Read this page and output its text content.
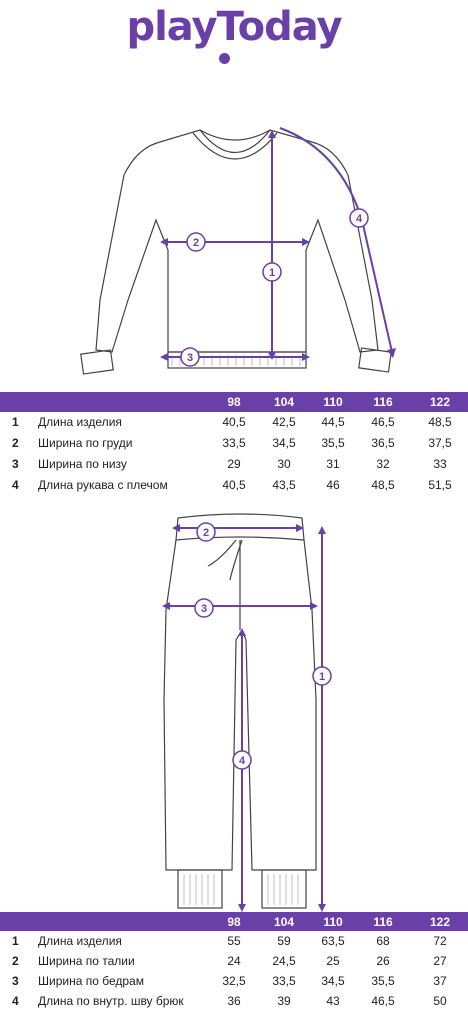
playToday
1
2
3
4
98	104	110	116	122
1	Длина изделия	40,5	42,5	44,5	46,5	48,5
2	Ширина по груди	33,5	34,5	35,5	36,5	37,5
3	Ширина по низу	29	30	31	32	33
4	Длина рукава с плечом	40,5	43,5	46	48,5	51,5
1
2
3
4
98	104	110	116	122
1	Длина изделия	55	59	63,5	68	72
2	Ширина по талии	24	24,5	25	26	27
3	Ширина по бедрам	32,5	33,5	34,5	35,5	37
4	Длина по внутр. шву брюк	36	39	43	46,5	50
